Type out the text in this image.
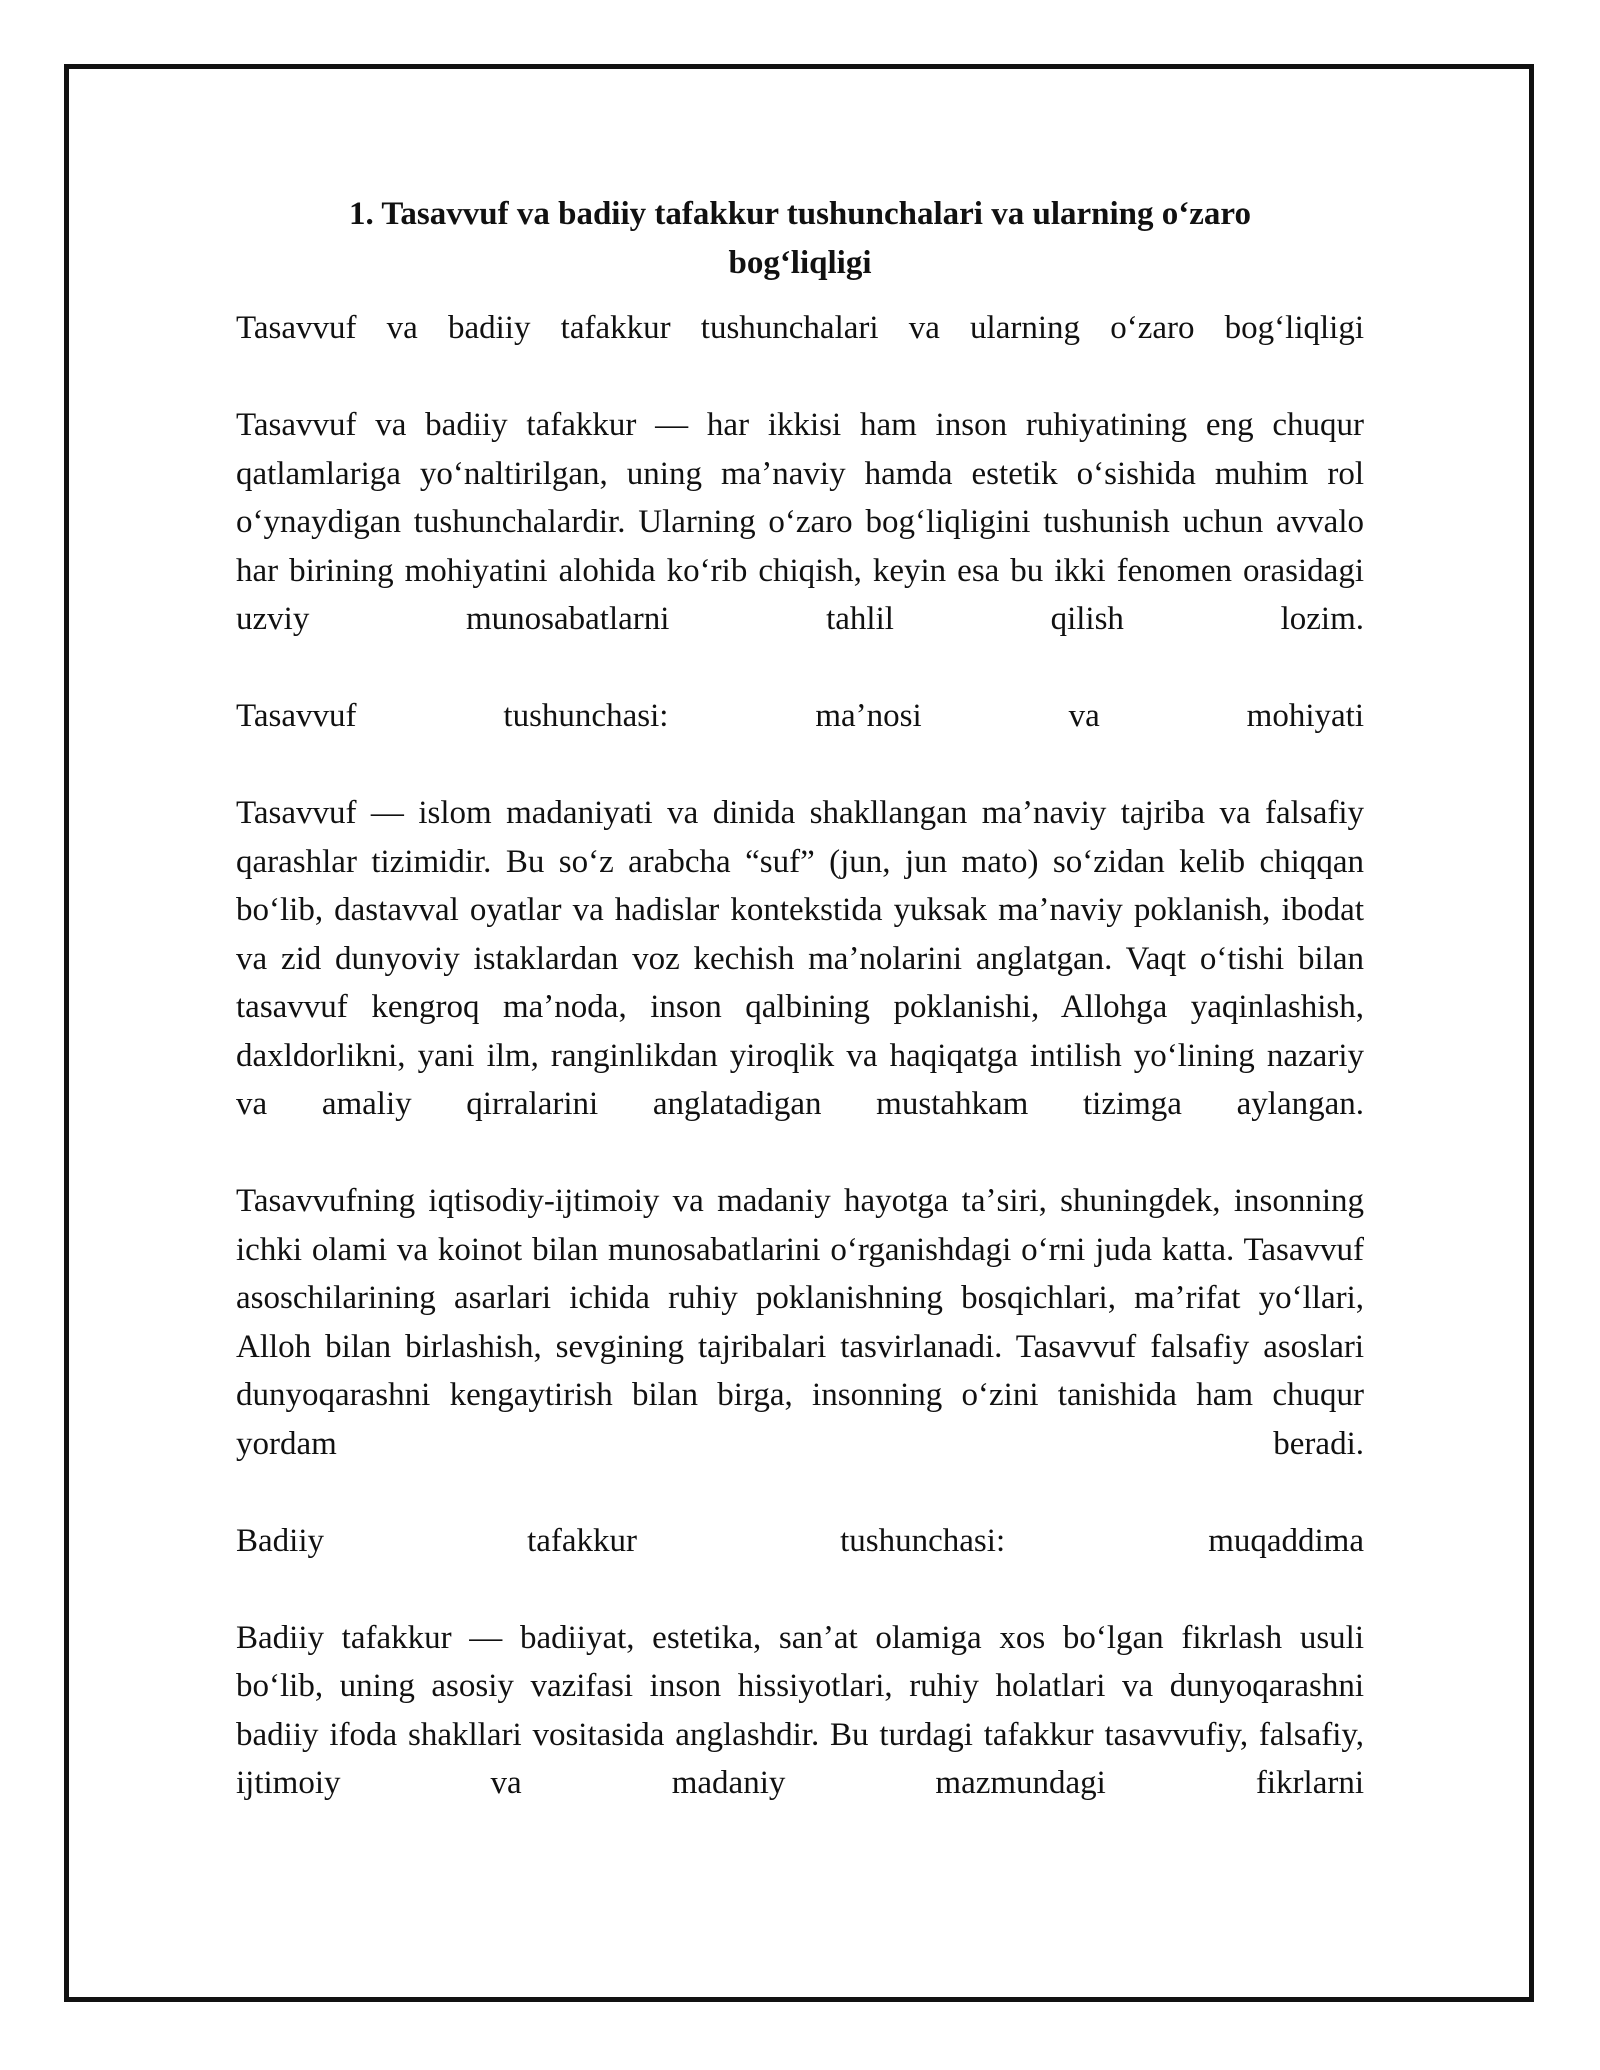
1. Tasavvuf va badiiy tafakkur tushunchalari va ularning oʻzaro bogʻliqligi

Tasavvuf va badiiy tafakkur tushunchalari va ularning oʻzaro bogʻliqligi

Tasavvuf va badiiy tafakkur — har ikkisi ham inson ruhiyatining eng chuqur qatlamlariga yoʻnaltirilgan, uning maʼnaviy hamda estetik oʻsishida muhim rol oʻynaydigan tushunchalardir. Ularning oʻzaro bogʻliqligini tushunish uchun avvalo har birining mohiyatini alohida koʻrib chiqish, keyin esa bu ikki fenomen orasidagi uzviy munosabatlarni tahlil qilish lozim.

Tasavvuf tushunchasi: maʼnosi va mohiyati

Tasavvuf — islom madaniyati va dinida shakllangan maʼnaviy tajriba va falsafiy qarashlar tizimidir. Bu soʻz arabcha “suf” (jun, jun mato) soʻzidan kelib chiqqan boʻlib, dastavval oyatlar va hadislar kontekstida yuksak maʼnaviy poklanish, ibodat va zid dunyoviy istaklardan voz kechish maʼnolarini anglatgan. Vaqt oʻtishi bilan tasavvuf kengroq maʼnoda, inson qalbining poklanishi, Allohga yaqinlashish, daxldorlikni, yani ilm, ranginlikdan yiroqlik va haqiqatga intilish yoʻlining nazariy va amaliy qirralarini anglatadigan mustahkam tizimga aylangan.

Tasavvufning iqtisodiy-ijtimoiy va madaniy hayotga taʼsiri, shuningdek, insonning ichki olami va koinot bilan munosabatlarini oʻrganishdagi oʻrni juda katta. Tasavvuf asoschilarining asarlari ichida ruhiy poklanishning bosqichlari, maʼrifat yoʻllari, Alloh bilan birlashish, sevgining tajribalari tasvirlanadi. Tasavvuf falsafiy asoslari dunyoqarashni kengaytirish bilan birga, insonning oʻzini tanishida ham chuqur yordam beradi.

Badiiy tafakkur tushunchasi: muqaddima

Badiiy tafakkur — badiiyat, estetika, sanʼat olamiga xos boʻlgan fikrlash usuli boʻlib, uning asosiy vazifasi inson hissiyotlari, ruhiy holatlari va dunyoqarashni badiiy ifoda shakllari vositasida anglashdir. Bu turdagi tafakkur tasavvufiy, falsafiy, ijtimoiy va madaniy mazmundagi fikrlarni
